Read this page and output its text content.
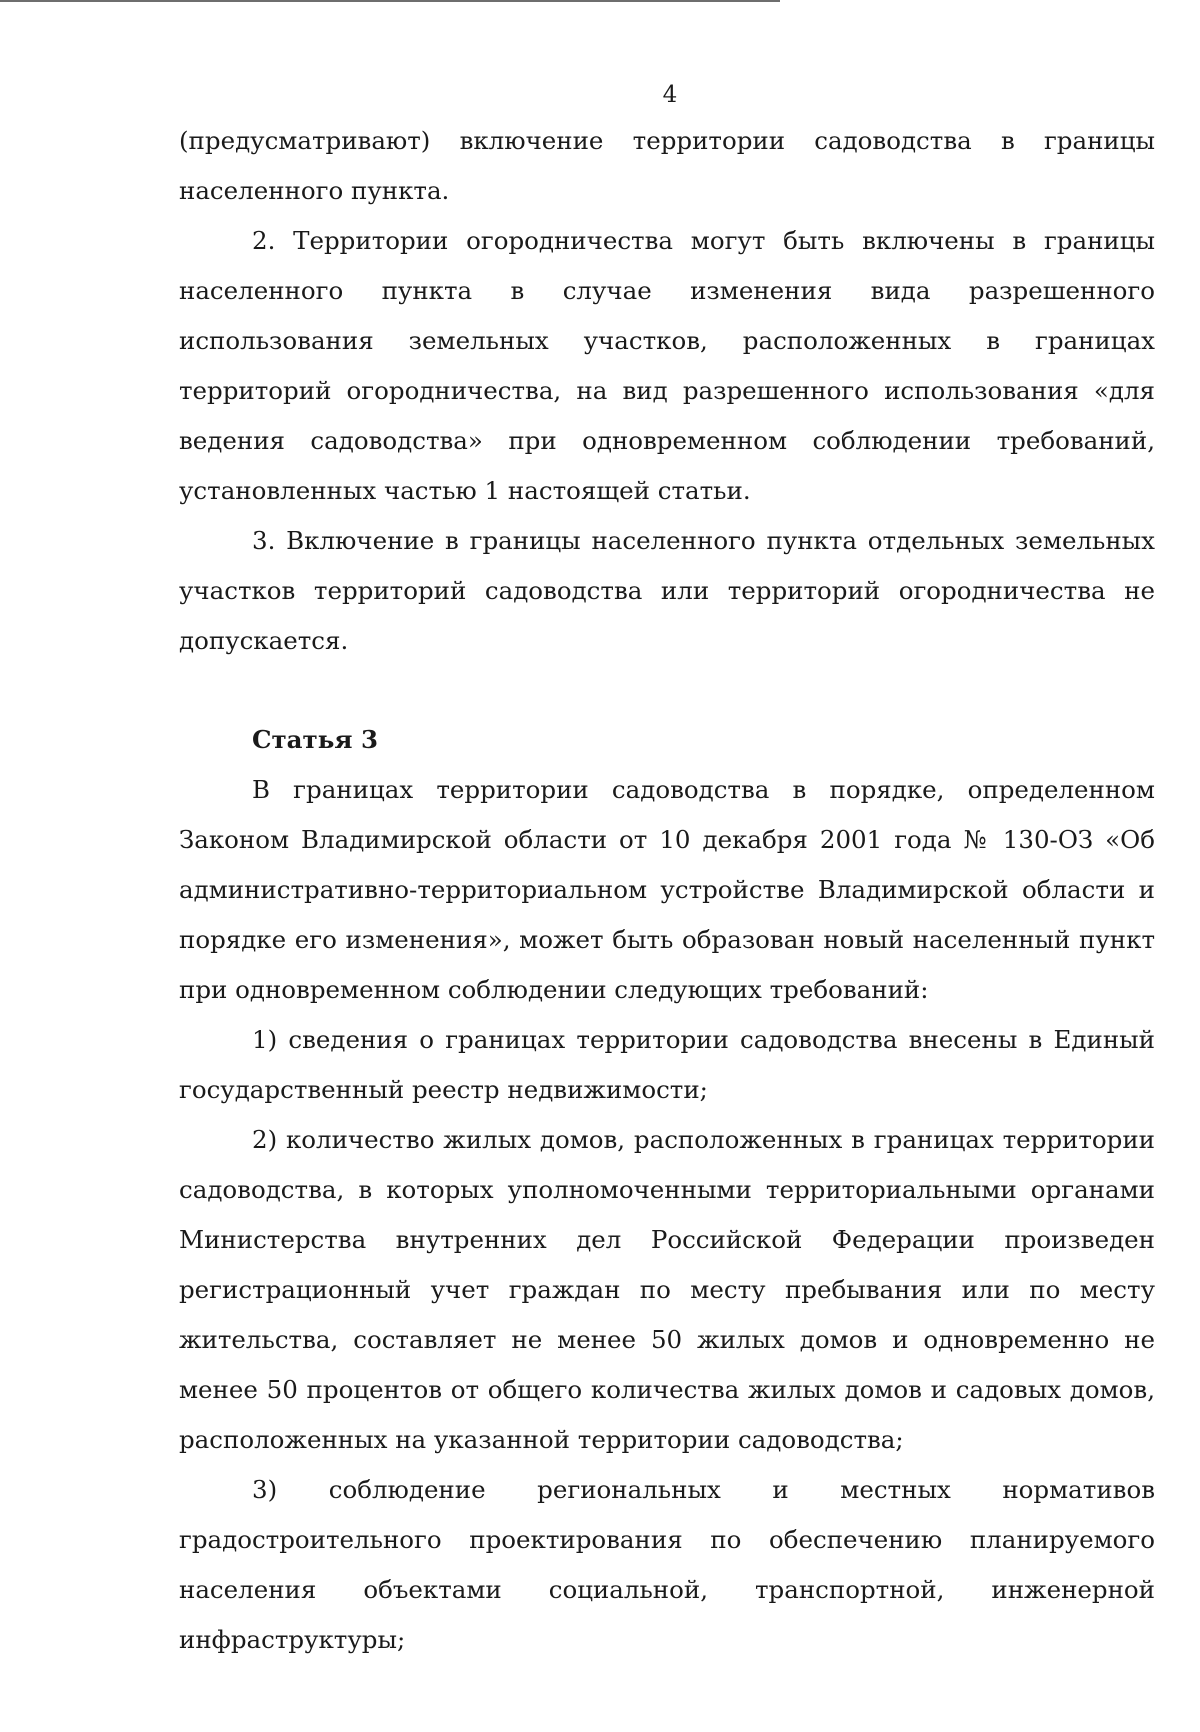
4

(предусматривают) включение территории садоводства в границы населенного пункта.

2. Территории огородничества могут быть включены в границы населенного пункта в случае изменения вида разрешенного использования земельных участков, расположенных в границах территорий огородничества, на вид разрешенного использования «для ведения садоводства» при одновременном соблюдении требований, установленных частью 1 настоящей статьи.

3. Включение в границы населенного пункта отдельных земельных участков территорий садоводства или территорий огородничества не допускается.

Статья 3

В границах территории садоводства в порядке, определенном Законом Владимирской области от 10 декабря 2001 года № 130-ОЗ «Об административно-территориальном устройстве Владимирской области и порядке его изменения», может быть образован новый населенный пункт при одновременном соблюдении следующих требований:

1) сведения о границах территории садоводства внесены в Единый государственный реестр недвижимости;

2) количество жилых домов, расположенных в границах территории садоводства, в которых уполномоченными территориальными органами Министерства внутренних дел Российской Федерации произведен регистрационный учет граждан по месту пребывания или по месту жительства, составляет не менее 50 жилых домов и одновременно не менее 50 процентов от общего количества жилых домов и садовых домов, расположенных на указанной территории садоводства;

3) соблюдение региональных и местных нормативов градостроительного проектирования по обеспечению планируемого населения объектами социальной, транспортной, инженерной инфраструктуры;
